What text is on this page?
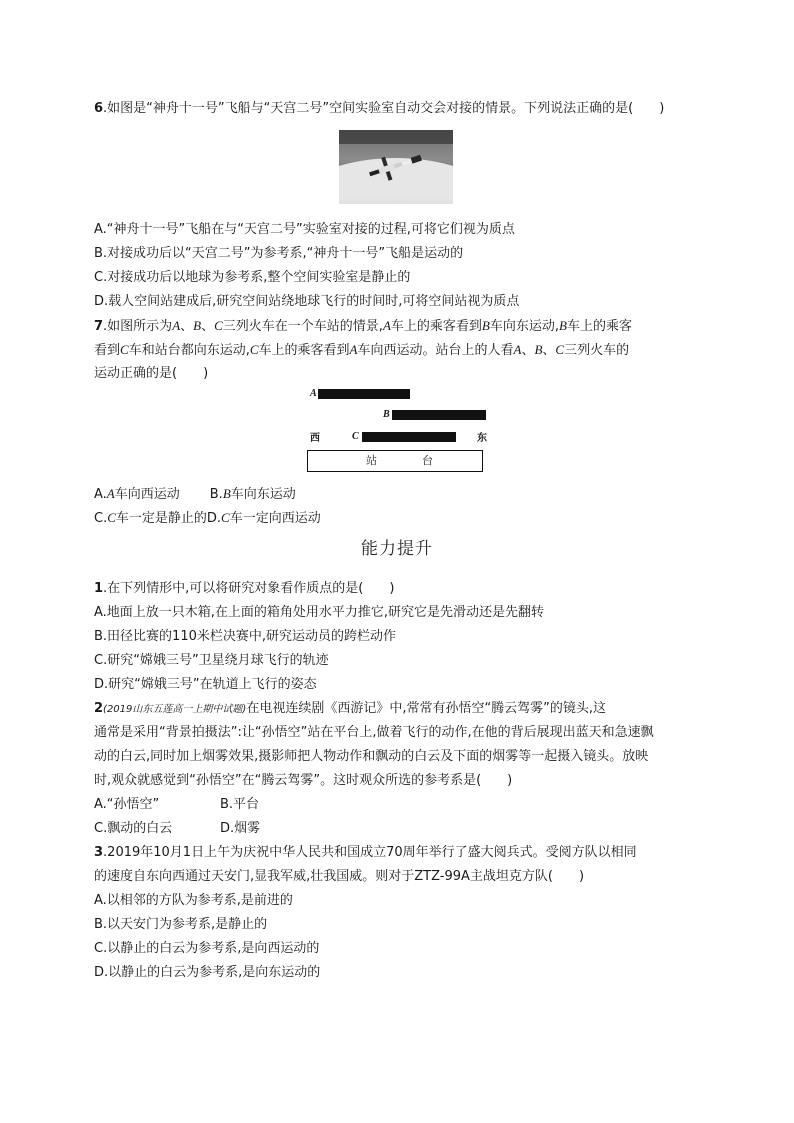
6.如图是“神舟十一号”飞船与“天宫二号”空间实验室自动交会对接的情景。下列说法正确的是(　　)
A.“神舟十一号”飞船在与“天宫二号”实验室对接的过程,可将它们视为质点
B.对接成功后以“天宫二号”为参考系,“神舟十一号”飞船是运动的
C.对接成功后以地球为参考系,整个空间实验室是静止的
D.载人空间站建成后,研究空间站绕地球飞行的时间时,可将空间站视为质点
7.如图所示为A、B、C三列火车在一个车站的情景,A车上的乘客看到B车向东运动,B车上的乘客
看到C车和站台都向东运动,C车上的乘客看到A车向西运动。站台上的人看A、B、C三列火车的
运动正确的是(　　)
A
B
西	C	东
站	台
A.A车向西运动 B.B车向东运动
C.C车一定是静止的D.C车一定向西运动
能力提升
1.在下列情形中,可以将研究对象看作质点的是(　　)
A.地面上放一只木箱,在上面的箱角处用水平力推它,研究它是先滑动还是先翻转
B.田径比赛的110米栏决赛中,研究运动员的跨栏动作
C.研究“嫦娥三号”卫星绕月球飞行的轨迹
D.研究“嫦娥三号”在轨道上飞行的姿态
2(2019山东五莲高一上期中试题)在电视连续剧《西游记》中,常常有孙悟空“腾云驾雾”的镜头,这
通常是采用“背景拍摄法”:让“孙悟空”站在平台上,做着飞行的动作,在他的背后展现出蓝天和急速飘
动的白云,同时加上烟雾效果,摄影师把人物动作和飘动的白云及下面的烟雾等一起摄入镜头。放映
时,观众就感觉到“孙悟空”在“腾云驾雾”。这时观众所选的参考系是(　　)
A.“孙悟空”	B.平台
C.飘动的白云	D.烟雾
3.2019年10月1日上午为庆祝中华人民共和国成立70周年举行了盛大阅兵式。受阅方队以相同
的速度自东向西通过天安门,显我军威,壮我国威。则对于ZTZ-99A主战坦克方队(　　)
A.以相邻的方队为参考系,是前进的
B.以天安门为参考系,是静止的
C.以静止的白云为参考系,是向西运动的
D.以静止的白云为参考系,是向东运动的
